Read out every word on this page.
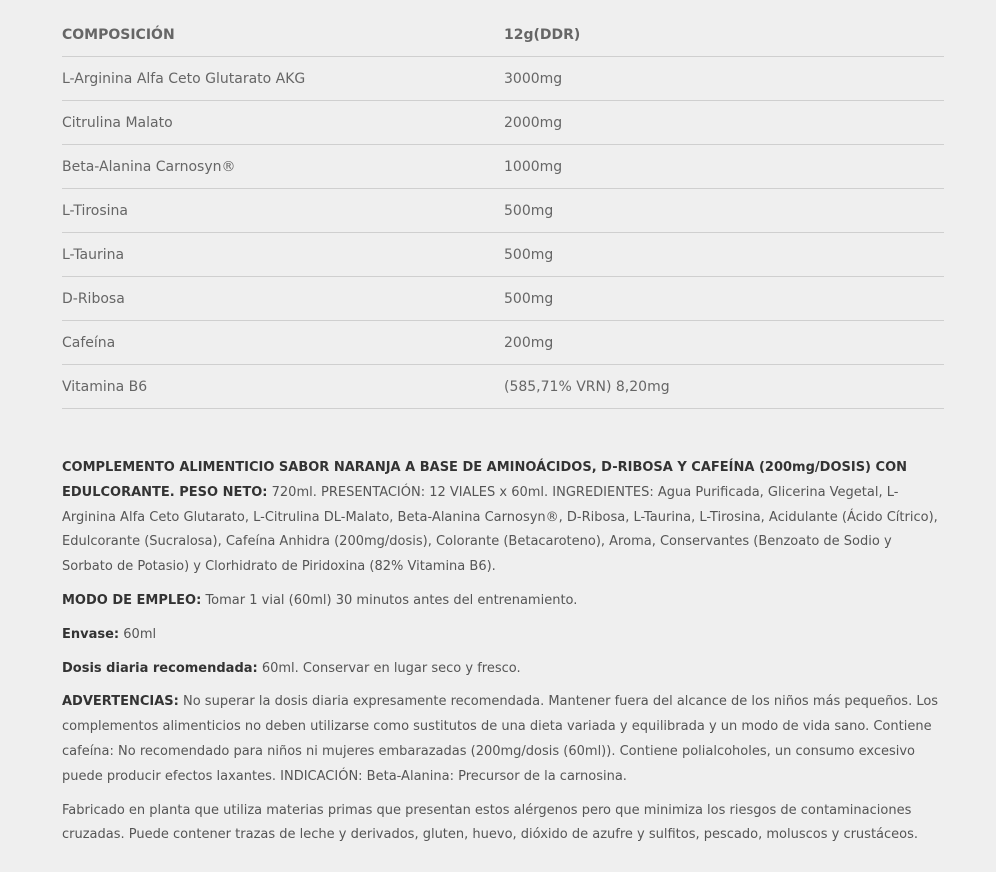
COMPOSICIÓN	12g(DDR)
L-Arginina Alfa Ceto Glutarato AKG	3000mg
Citrulina Malato	2000mg
Beta-Alanina Carnosyn®	1000mg
L-Tirosina	500mg
L-Taurina	500mg
D-Ribosa	500mg
Cafeína	200mg
Vitamina B6	(585,71% VRN) 8,20mg

COMPLEMENTO ALIMENTICIO SABOR NARANJA A BASE DE AMINOÁCIDOS, D-RIBOSA Y CAFEÍNA (200mg/DOSIS) CON EDULCORANTE. PESO NETO: 720ml. PRESENTACIÓN: 12 VIALES x 60ml. INGREDIENTES: Agua Purificada, Glicerina Vegetal, L-Arginina Alfa Ceto Glutarato, L-Citrulina DL-Malato, Beta-Alanina Carnosyn®, D-Ribosa, L-Taurina, L-Tirosina, Acidulante (Ácido Cítrico), Edulcorante (Sucralosa), Cafeína Anhidra (200mg/dosis), Colorante (Betacaroteno), Aroma, Conservantes (Benzoato de Sodio y Sorbato de Potasio) y Clorhidrato de Piridoxina (82% Vitamina B6).

MODO DE EMPLEO: Tomar 1 vial (60ml) 30 minutos antes del entrenamiento.

Envase: 60ml

Dosis diaria recomendada: 60ml. Conservar en lugar seco y fresco.

ADVERTENCIAS: No superar la dosis diaria expresamente recomendada. Mantener fuera del alcance de los niños más pequeños. Los complementos alimenticios no deben utilizarse como sustitutos de una dieta variada y equilibrada y un modo de vida sano. Contiene cafeína: No recomendado para niños ni mujeres embarazadas (200mg/dosis (60ml)). Contiene polialcoholes, un consumo excesivo puede producir efectos laxantes. INDICACIÓN: Beta-Alanina: Precursor de la carnosina.

Fabricado en planta que utiliza materias primas que presentan estos alérgenos pero que minimiza los riesgos de contaminaciones cruzadas. Puede contener trazas de leche y derivados, gluten, huevo, dióxido de azufre y sulfitos, pescado, moluscos y crustáceos.
